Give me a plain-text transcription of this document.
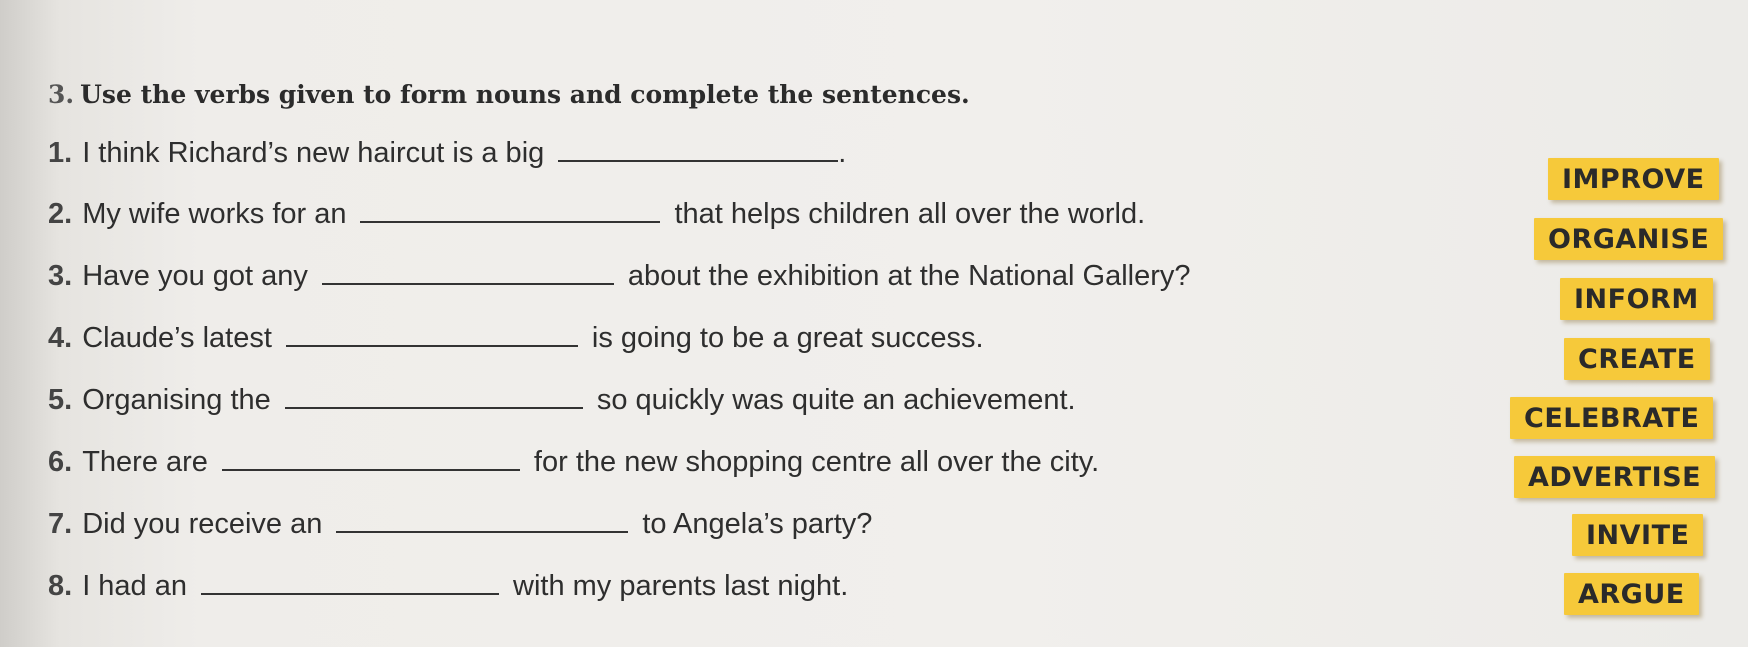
3. Use the verbs given to form nouns and complete the sentences.
1. I think Richard’s new haircut is a big	.
2. My wife works for an	that helps children all over the world.
3. Have you got any	about the exhibition at the National Gallery?
4. Claude’s latest	is going to be a great success.
5. Organising the	so quickly was quite an achievement.
6. There are	for the new shopping centre all over the city.
7. Did you receive an	to Angela’s party?
8. I had an	with my parents last night.
IMPROVE
ORGANISE
INFORM
CREATE
CELEBRATE
ADVERTISE
INVITE
ARGUE
